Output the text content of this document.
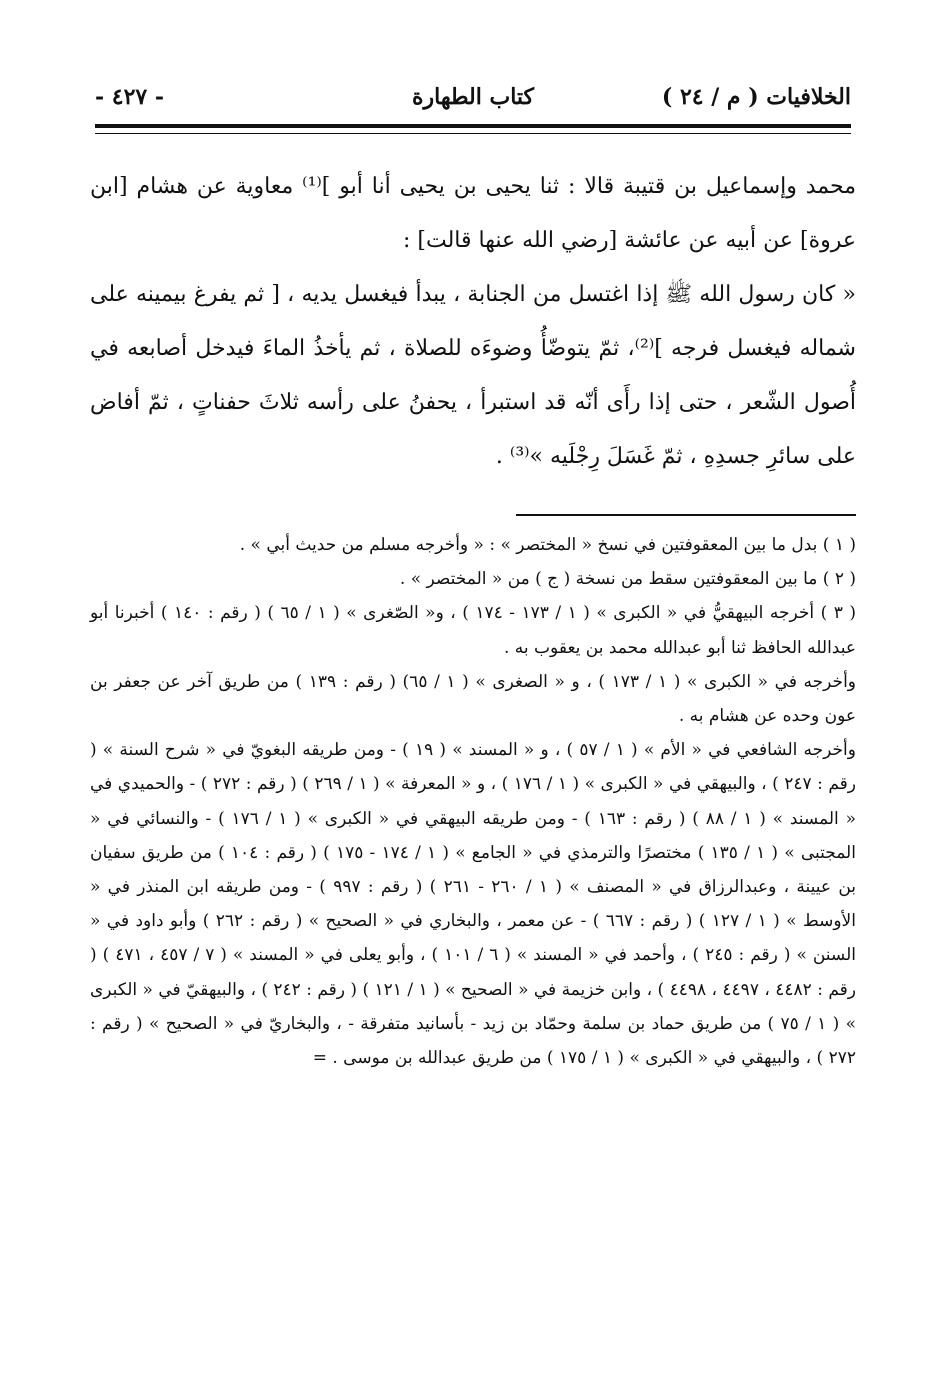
الخلافيات ( م / ٢٤ )
كتاب الطهارة
- ٤٢٧ -

محمد وإسماعيل بن قتيبة قالا : ثنا يحيى بن يحيى أنا أبو ]⁽¹⁾ معاوية عن هشام [ابن عروة] عن أبيه عن عائشة [رضي الله عنها قالت] :

« كان رسول الله ﷺ إذا اغتسل من الجنابة ، يبدأ فيغسل يديه ، [ ثم يفرغ بيمينه على شماله فيغسل فرجه ]⁽²⁾، ثمّ يتوضّأُ وضوءَه للصلاة ، ثم يأخذُ الماءَ فيدخل أصابعه في أُصول الشّعر ، حتى إذا رأَى أنّه قد استبرأ ، يحفنُ على رأسه ثلاثَ حفناتٍ ، ثمّ أفاض على سائرِ جسدِهِ ، ثمّ غَسَلَ رِجْلَيه »⁽³⁾ .

( ١ ) بدل ما بين المعقوفتين في نسخ « المختصر » : « وأخرجه مسلم من حديث أبي » .

( ٢ ) ما بين المعقوفتين سقط من نسخة ( ج ) من « المختصر » .

( ٣ ) أخرجه البيهقيُّ في « الكبرى » ( ١ / ١٧٣ - ١٧٤ ) ، و« الصّغرى » ( ١ / ٦٥ ) ( رقم : ١٤٠ ) أخبرنا أبو عبدالله الحافظ ثنا أبو عبدالله محمد بن يعقوب به .

وأخرجه في « الكبرى » ( ١ / ١٧٣ ) ، و « الصغرى » ( ١ / ٦٥) ( رقم : ١٣٩ ) من طريق آخر عن جعفر بن عون وحده عن هشام به .

وأخرجه الشافعي في « الأم » ( ١ / ٥٧ ) ، و « المسند » ( ١٩ ) - ومن طريقه البغويّ في « شرح السنة » ( رقم : ٢٤٧ ) ، والبيهقي في « الكبرى » ( ١ / ١٧٦ ) ، و « المعرفة » ( ١ / ٢٦٩ ) ( رقم : ٢٧٢ ) - والحميدي في « المسند » ( ١ / ٨٨ ) ( رقم : ١٦٣ ) - ومن طريقه البيهقي في « الكبرى » ( ١ / ١٧٦ ) - والنسائي في « المجتبى » ( ١ / ١٣٥ ) مختصرًا والترمذي في « الجامع » ( ١ / ١٧٤ - ١٧٥ ) ( رقم : ١٠٤ ) من طريق سفيان بن عيينة ، وعبدالرزاق في « المصنف » ( ١ / ٢٦٠ - ٢٦١ ) ( رقم : ٩٩٧ ) - ومن طريقه ابن المنذر في « الأوسط » ( ١ / ١٢٧ ) ( رقم : ٦٦٧ ) - عن معمر ، والبخاري في « الصحيح » ( رقم : ٢٦٢ ) وأبو داود في « السنن » ( رقم : ٢٤٥ ) ، وأحمد في « المسند » ( ٦ / ١٠١ ) ، وأبو يعلى في « المسند » ( ٧ / ٤٥٧ ، ٤٧١ ) ( رقم : ٤٤٨٢ ، ٤٤٩٧ ، ٤٤٩٨ ) ، وابن خزيمة في « الصحيح » ( ١ / ١٢١ ) ( رقم : ٢٤٢ ) ، والبيهقيّ في « الكبرى » ( ١ / ٧٥ ) من طريق حماد بن سلمة وحمّاد بن زيد - بأسانيد متفرقة - ، والبخاريّ في « الصحيح » ( رقم : ٢٧٢ ) ، والبيهقي في « الكبرى » ( ١ / ١٧٥ ) من طريق عبدالله بن موسى . =
